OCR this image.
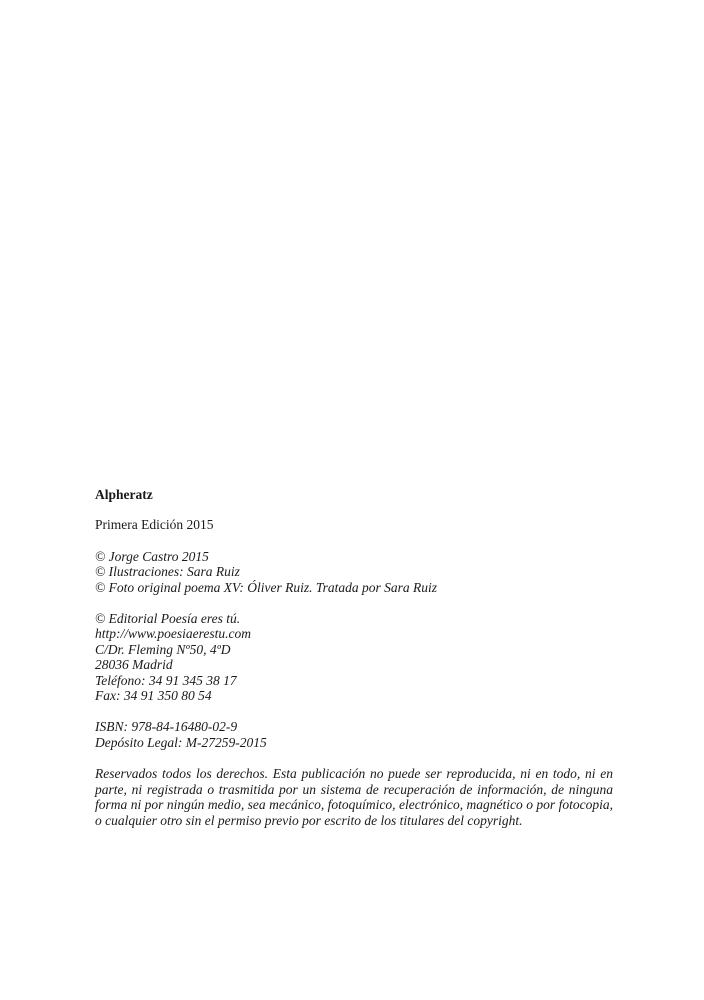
Alpheratz

Primera Edición 2015

© Jorge Castro 2015
© Ilustraciones: Sara Ruiz
© Foto original poema XV: Óliver Ruiz. Tratada por Sara Ruiz
© Editorial Poesía eres tú.
http://www.poesiaerestu.com
C/Dr. Fleming Nº50, 4ºD
28036 Madrid
Teléfono: 34 91 345 38 17
Fax: 34 91 350 80 54
ISBN: 978-84-16480-02-9
Depósito Legal: M-27259-2015

Reservados todos los derechos. Esta publicación no puede ser reproducida, ni en todo, ni en parte, ni registrada o trasmitida por un sistema de recuperación de información, de ninguna forma ni por ningún medio, sea mecánico, fotoquímico, electrónico, magnético o por fotocopia, o cualquier otro sin el permiso previo por escrito de los titulares del copyright.
